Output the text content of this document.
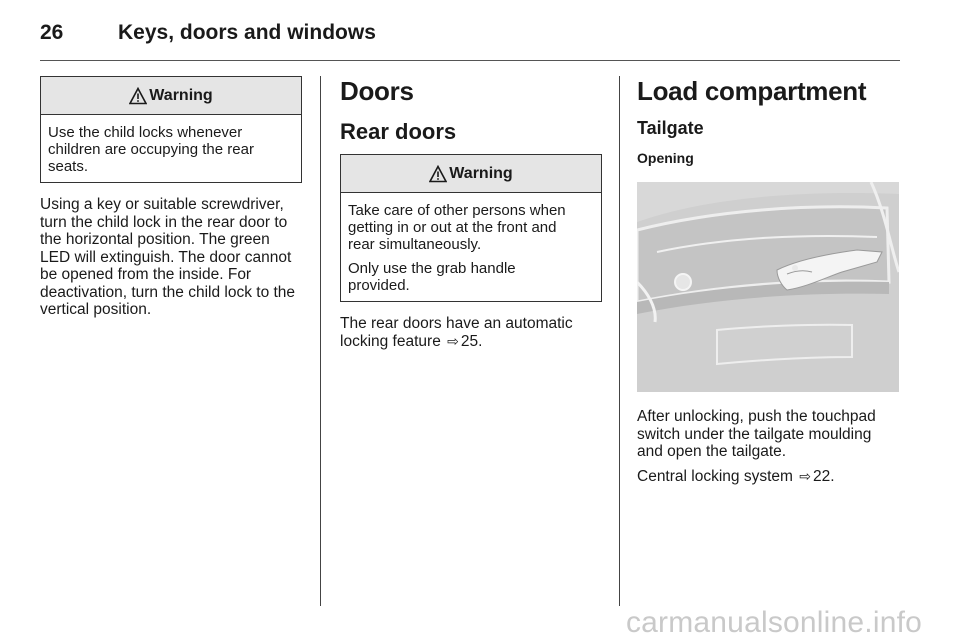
26	Keys, doors and windows
Warning

Use the child locks whenever
children are occupying the rear
seats.

Using a key or suitable screwdriver,
turn the child lock in the rear door to
the horizontal position. The green
LED will extinguish. The door cannot
be opened from the inside. For
deactivation, turn the child lock to the
vertical position.

Doors
Rear doors
Warning

Take care of other persons when
getting in or out at the front and
rear simultaneously.

Only use the grab handle
provided.

The rear doors have an automatic
locking feature ⇨ 25.

Load compartment
Tailgate
Opening

After unlocking, push the touchpad
switch under the tailgate moulding
and open the tailgate.

Central locking system ⇨ 22.

carmanualsonline.info
